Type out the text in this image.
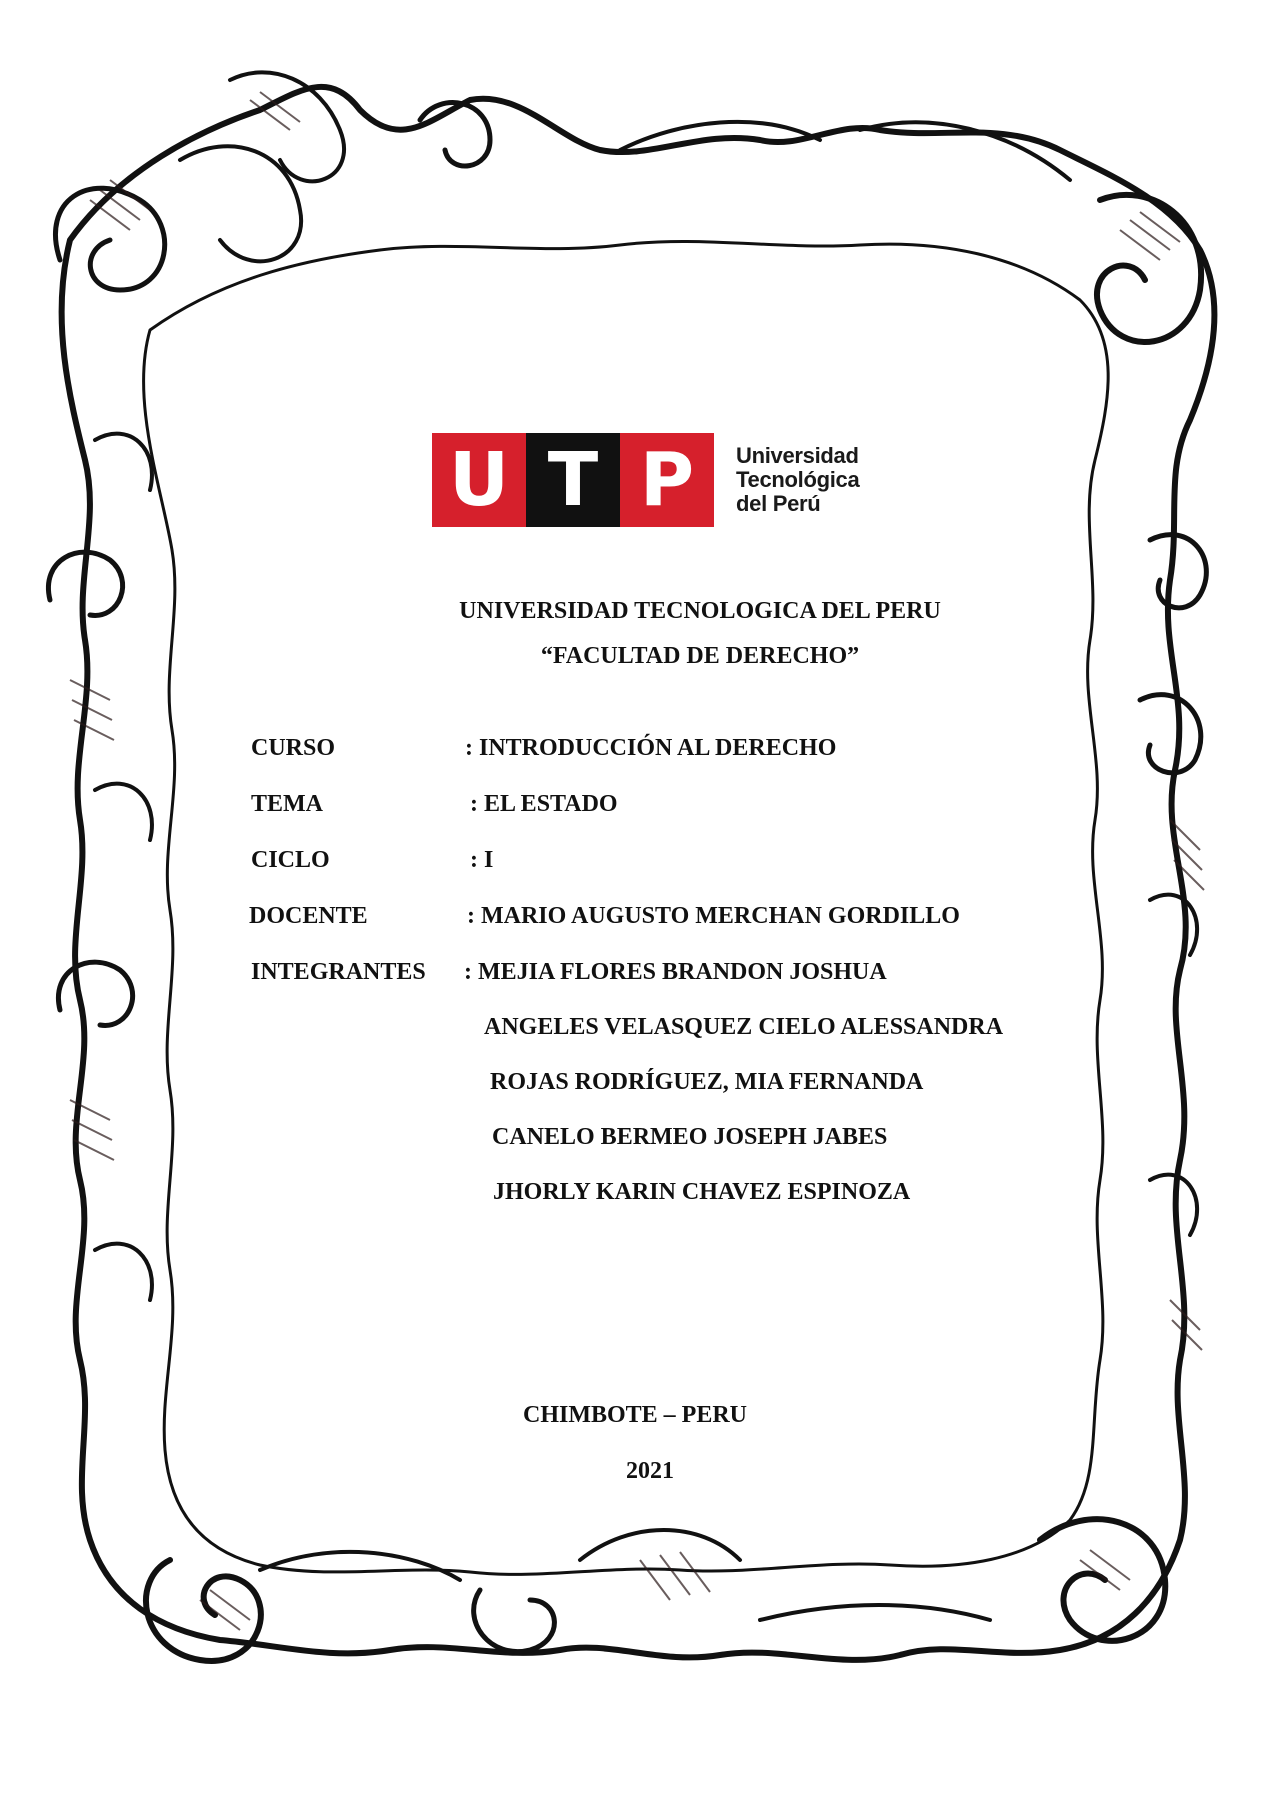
U T P	Universidad
Tecnológica
del Perú
UNIVERSIDAD TECNOLOGICA DEL PERU
“FACULTAD DE DERECHO”
CURSO	: INTRODUCCIÓN AL DERECHO
TEMA	: EL ESTADO
CICLO	: I
DOCENTE	: MARIO AUGUSTO MERCHAN GORDILLO
INTEGRANTES : MEJIA FLORES BRANDON JOSHUA
ANGELES VELASQUEZ CIELO ALESSANDRA
ROJAS RODRÍGUEZ, MIA FERNANDA
CANELO BERMEO JOSEPH JABES
JHORLY KARIN CHAVEZ ESPINOZA
CHIMBOTE – PERU
2021
